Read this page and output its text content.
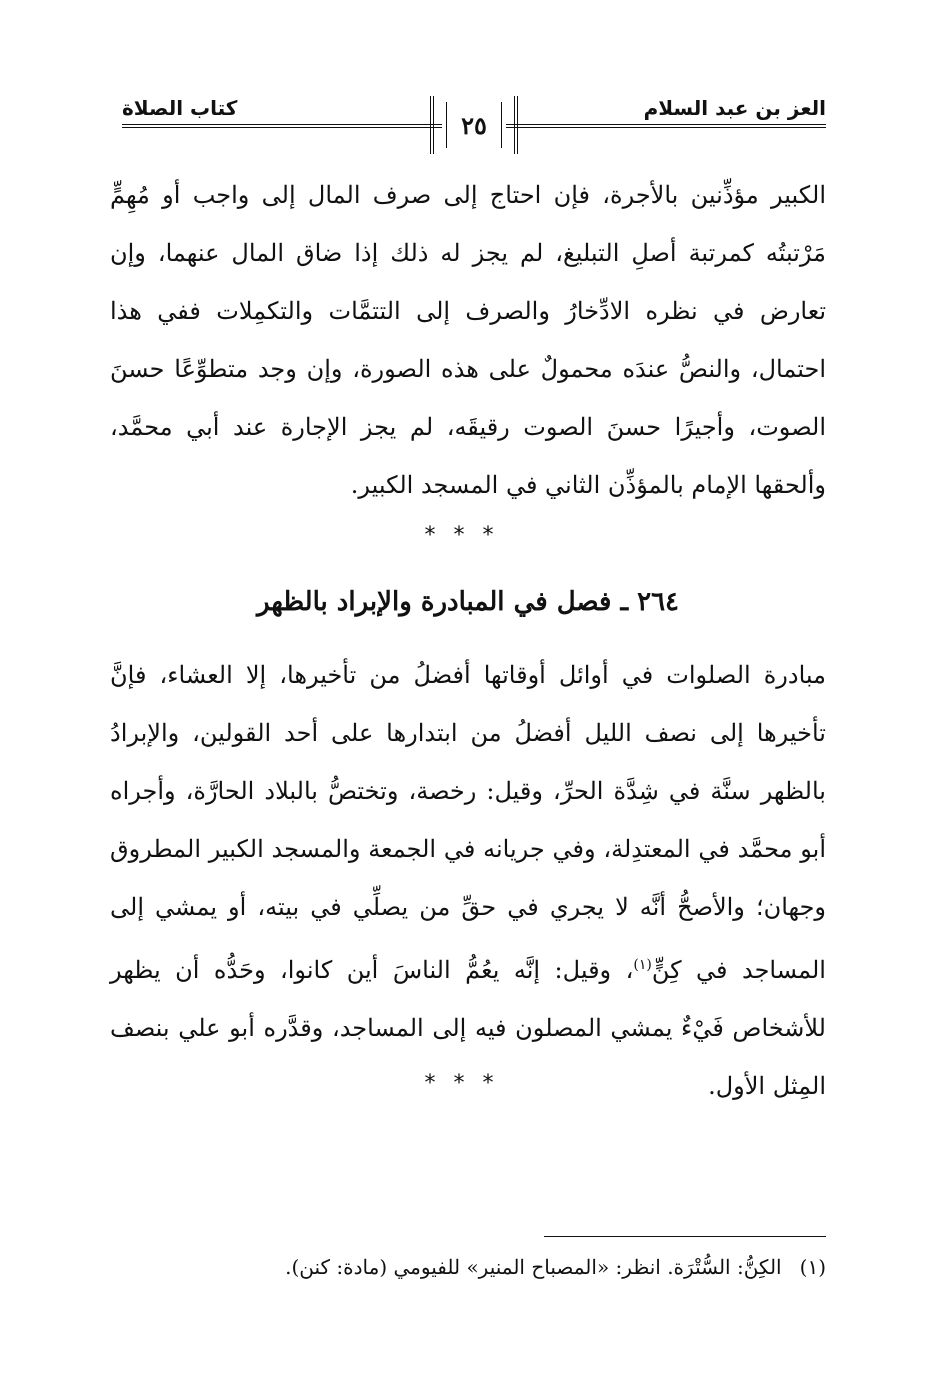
العز بن عبد السلام
كتاب الصلاة
٢٥
الكبير مؤذِّنين بالأجرة، فإن احتاج إلى صرف المال إلى واجب أو مُهِمٍّ مَرْتبتُه كمرتبة أصلِ التبليغ، لم يجز له ذلك إذا ضاق المال عنهما، وإن تعارض في نظره الادِّخارُ والصرف إلى التتمَّات والتكمِلات ففي هذا احتمال، والنصُّ عندَه محمولٌ على هذه الصورة، وإن وجد متطوِّعًا حسنَ الصوت، وأجيرًا حسنَ الصوت رقيقَه، لم يجز الإجارة عند أبي محمَّد، وألحقها الإمام بالمؤذِّن الثاني في المسجد الكبير.
***
٢٦٤ ـ فصل في المبادرة والإبراد بالظهر
مبادرة الصلوات في أوائل أوقاتها أفضلُ من تأخيرها، إلا العشاء، فإنَّ تأخيرها إلى نصف الليل أفضلُ من ابتدارها على أحد القولين، والإبرادُ بالظهر سنَّة في شِدَّة الحرِّ، وقيل: رخصة، وتختصُّ بالبلاد الحارَّة، وأجراه أبو محمَّد في المعتدِلة، وفي جريانه في الجمعة والمسجد الكبير المطروق وجهان؛ والأصحُّ أنَّه لا يجري في حقِّ من يصلِّي في بيته، أو يمشي إلى المساجد في كِنٍّ$^{(١)}$، وقيل: إنَّه يعُمُّ الناسَ أين كانوا، وحَدُّه أن يظهر للأشخاص فَيْءٌ يمشي المصلون فيه إلى المساجد، وقدَّره أبو علي بنصف المِثل الأول.
***
(١)الكِنُّ: السُّتْرَة. انظر: «المصباح المنير» للفيومي (مادة: كنن).
